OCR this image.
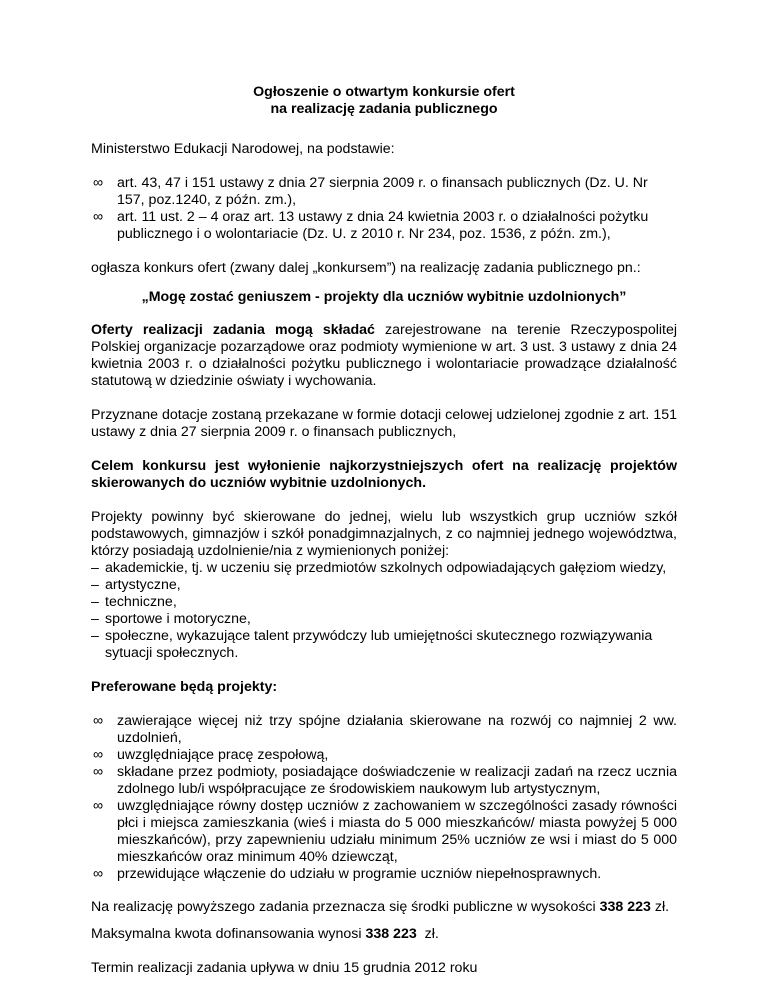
Ogłoszenie o otwartym konkursie ofert

na realizację zadania publicznego

Ministerstwo Edukacji Narodowej, na podstawie:

∞ art. 43, 47 i 151 ustawy z dnia 27 sierpnia 2009 r. o finansach publicznych (Dz. U. Nr 157, poz.1240, z późn. zm.),
∞ art. 11 ust. 2 – 4 oraz art. 13 ustawy z dnia 24 kwietnia 2003 r. o działalności pożytku publicznego i o wolontariacie (Dz. U. z 2010 r. Nr 234, poz. 1536, z późn. zm.),

ogłasza konkurs ofert (zwany dalej „konkursem”) na realizację zadania publicznego pn.:

„Mogę zostać geniuszem - projekty dla uczniów wybitnie uzdolnionych”

Oferty realizacji zadania mogą składać zarejestrowane na terenie Rzeczypospolitej Polskiej organizacje pozarządowe oraz podmioty wymienione w art. 3 ust. 3 ustawy z dnia 24 kwietnia 2003 r. o działalności pożytku publicznego i wolontariacie prowadzące działalność statutową w dziedzinie oświaty i wychowania.

Przyznane dotacje zostaną przekazane w formie dotacji celowej udzielonej zgodnie z art. 151 ustawy z dnia 27 sierpnia 2009 r. o finansach publicznych,

Celem konkursu jest wyłonienie najkorzystniejszych ofert na realizację projektów skierowanych do uczniów wybitnie uzdolnionych.

Projekty powinny być skierowane do jednej, wielu lub wszystkich grup uczniów szkół podstawowych, gimnazjów i szkół ponadgimnazjalnych, z co najmniej jednego województwa, którzy posiadają uzdolnienie/nia z wymienionych poniżej:

– akademickie, tj. w uczeniu się przedmiotów szkolnych odpowiadających gałęziom wiedzy,
– artystyczne,
– techniczne,
– sportowe i motoryczne,
– społeczne, wykazujące talent przywódczy lub umiejętności skutecznego rozwiązywania sytuacji społecznych.

Preferowane będą projekty:

∞ zawierające więcej niż trzy spójne działania skierowane na rozwój co najmniej 2 ww. uzdolnień,
∞ uwzględniające pracę zespołową,
∞ składane przez podmioty, posiadające doświadczenie w realizacji zadań na rzecz ucznia zdolnego lub/i współpracujące ze środowiskiem naukowym lub artystycznym,
∞ uwzględniające równy dostęp uczniów z zachowaniem w szczególności zasady równości płci i miejsca zamieszkania (wieś i miasta do 5 000 mieszkańców/ miasta powyżej 5 000 mieszkańców), przy zapewnieniu udziału minimum 25% uczniów ze wsi i miast do 5 000 mieszkańców oraz minimum 40% dziewcząt,
∞ przewidujące włączenie do udziału w programie uczniów niepełnosprawnych.

Na realizację powyższego zadania przeznacza się środki publiczne w wysokości 338 223 zł.

Maksymalna kwota dofinansowania wynosi 338 223  zł.

Termin realizacji zadania upływa w dniu 15 grudnia 2012 roku
